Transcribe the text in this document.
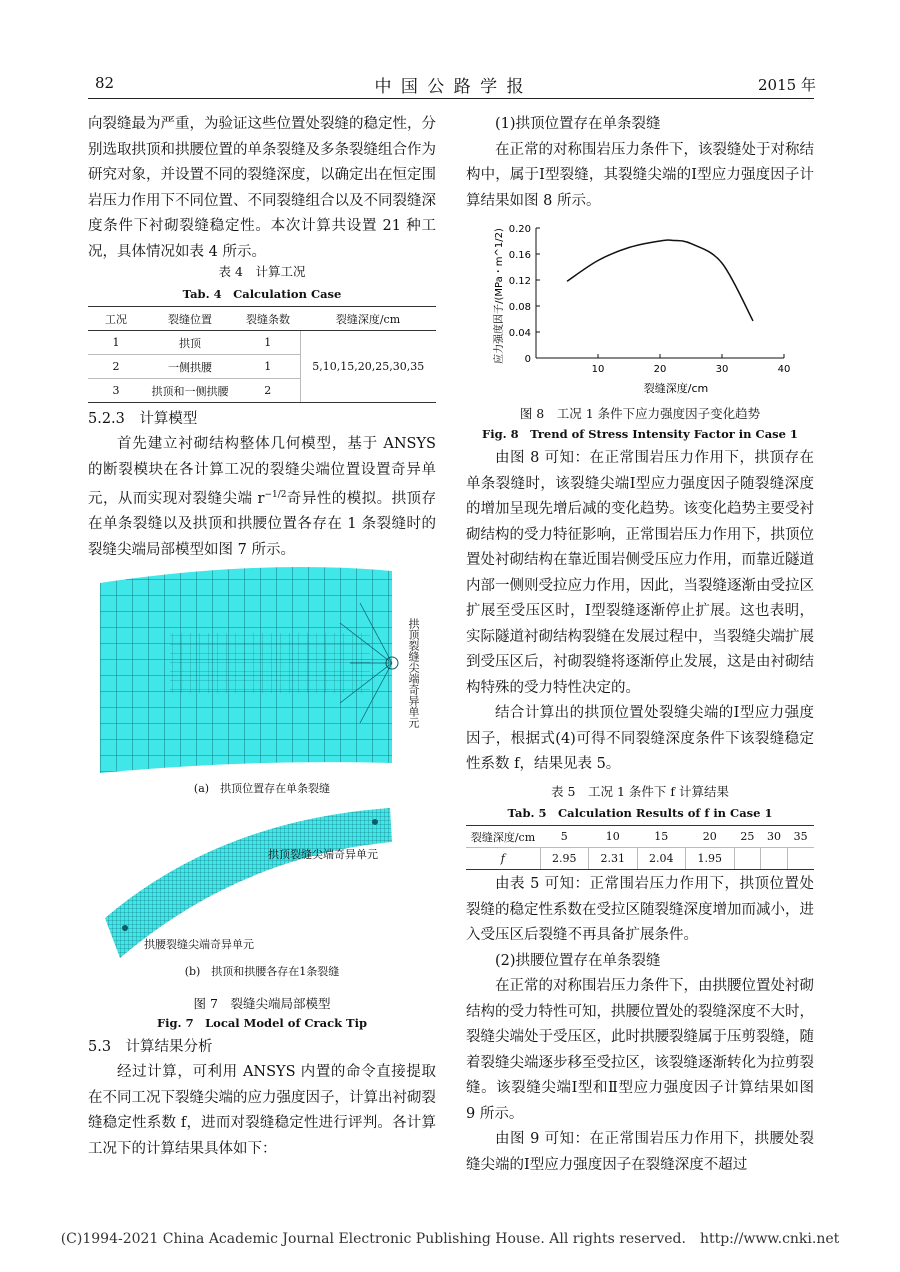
82	中 国 公 路 学 报	2015 年

向裂缝最为严重，为验证这些位置处裂缝的稳定性，分别选取拱顶和拱腰位置的单条裂缝及多条裂缝组合作为研究对象，并设置不同的裂缝深度，以确定出在恒定围岩压力作用下不同位置、不同裂缝组合以及不同裂缝深度条件下衬砌裂缝稳定性。本次计算共设置 21 种工况，具体情况如表 4 所示。

表 4　计算工况
Tab. 4　Calculation Case
工况	裂缝位置	裂缝条数	裂缝深度/cm
1	拱顶	1	5,10,15,20,25,30,35
2	一侧拱腰	1	
3	拱顶和一侧拱腰	2	

5.2.3　计算模型

首先建立衬砌结构整体几何模型，基于 ANSYS 的断裂模块在各计算工况的裂缝尖端位置设置奇异单元，从而实现对裂缝尖端 $r^{-1/2}$奇异性的模拟。拱顶存在单条裂缝以及拱顶和拱腰位置各存在 1 条裂缝时的裂缝尖端局部模型如图 7 所示。

拱顶裂缝尖端奇异单元
(a)　拱顶位置存在单条裂缝
拱顶裂缝尖端奇异单元
拱腰裂缝尖端奇异单元
(b)　拱顶和拱腰各存在1条裂缝
图 7　裂缝尖端局部模型
Fig. 7　Local Model of Crack Tip

5.3　计算结果分析

经过计算，可利用 ANSYS 内置的命令直接提取在不同工况下裂缝尖端的应力强度因子，计算出衬砌裂缝稳定性系数 f，进而对裂缝稳定性进行评判。各计算工况下的计算结果具体如下：

(1)拱顶位置存在单条裂缝

在正常的对称围岩压力条件下，该裂缝处于对称结构中，属于Ⅰ型裂缝，其裂缝尖端的Ⅰ型应力强度因子计算结果如图 8 所示。

0
0.04
0.08
0.12
0.16
0.20
10	20	30	40
裂缝深度/cm
应力强度因子/(MPa・m^1/2)
图 8　工况 1 条件下应力强度因子变化趋势
Fig. 8　Trend of Stress Intensity Factor in Case 1

由图 8 可知：在正常围岩压力作用下，拱顶存在单条裂缝时，该裂缝尖端Ⅰ型应力强度因子随裂缝深度的增加呈现先增后减的变化趋势。该变化趋势主要受衬砌结构的受力特征影响，正常围岩压力作用下，拱顶位置处衬砌结构在靠近围岩侧受压应力作用，而靠近隧道内部一侧则受拉应力作用，因此，当裂缝逐渐由受拉区扩展至受压区时，Ⅰ型裂缝逐渐停止扩展。这也表明，实际隧道衬砌结构裂缝在发展过程中，当裂缝尖端扩展到受压区后，衬砌裂缝将逐渐停止发展，这是由衬砌结构特殊的受力特性决定的。

结合计算出的拱顶位置处裂缝尖端的Ⅰ型应力强度因子，根据式(4)可得不同裂缝深度条件下该裂缝稳定性系数 f，结果见表 5。

表 5　工况 1 条件下 f 计算结果
Tab. 5　Calculation Results of f in Case 1
裂缝深度/cm	5	10	15	20	25	30	35
f	2.95	2.31	2.04	1.95			

由表 5 可知：正常围岩压力作用下，拱顶位置处裂缝的稳定性系数在受拉区随裂缝深度增加而减小，进入受压区后裂缝不再具备扩展条件。

(2)拱腰位置存在单条裂缝

在正常的对称围岩压力条件下，由拱腰位置处衬砌结构的受力特性可知，拱腰位置处的裂缝深度不大时，裂缝尖端处于受压区，此时拱腰裂缝属于压剪裂缝，随着裂缝尖端逐步移至受拉区，该裂缝逐渐转化为拉剪裂缝。该裂缝尖端Ⅰ型和Ⅱ型应力强度因子计算结果如图 9 所示。

由图 9 可知：在正常围岩压力作用下，拱腰处裂缝尖端的Ⅰ型应力强度因子在裂缝深度不超过

(C)1994-2021 China Academic Journal Electronic Publishing House. All rights reserved.　http://www.cnki.net
